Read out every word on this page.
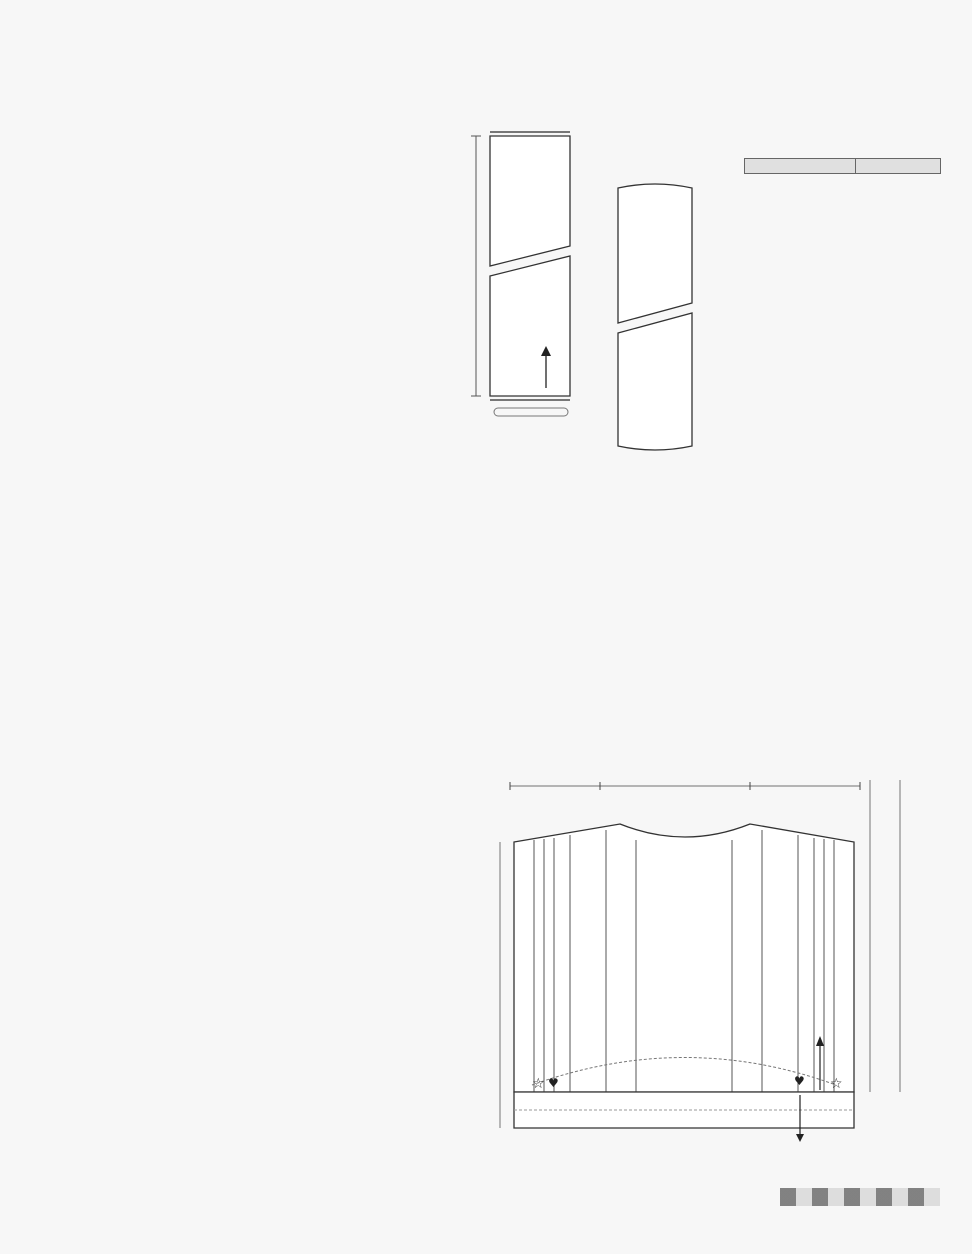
☆ ♥	♥ ☆
